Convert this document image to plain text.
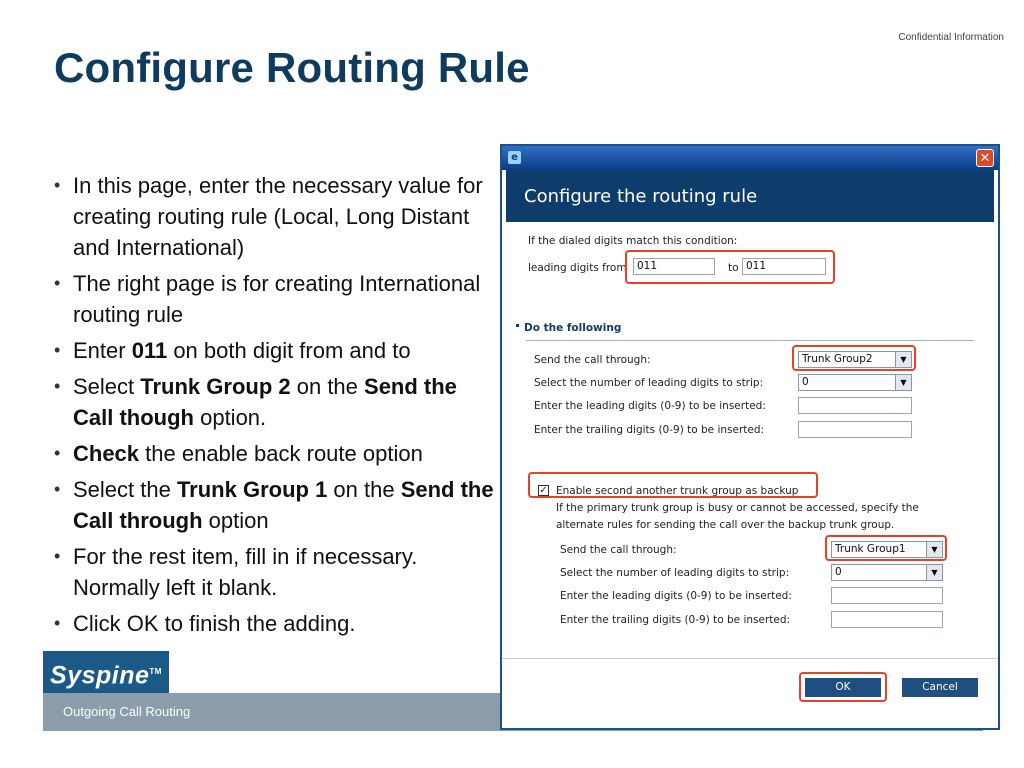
Confidential Information
Configure Routing Rule
• In this page, enter the necessary value for creating routing rule (Local, Long Distant and International)
• The right page is for creating International routing rule
• Enter 011 on both digit from and to
• Select Trunk Group 2 on the Send the Call though option.
• Check the enable back route option
• Select the Trunk Group 1 on the Send the Call through option
• For the rest item, fill in if necessary. Normally left it blank.
• Click OK to finish the adding.
Outgoing Call Routing
Syspine™
e	✕
Configure the routing rule
If the dialed digits match this condition:
leading digits from 011	to 011
Do the following
Send the call through:	Trunk Group2	▼
Select the number of leading digits to strip:	0	▼
Enter the leading digits (0-9) to be inserted:
Enter the trailing digits (0-9) to be inserted:
✓ Enable second another trunk group as backup
If the primary trunk group is busy or cannot be accessed, specify the
alternate rules for sending the call over the backup trunk group.
Send the call through:	Trunk Group1	▼
Select the number of leading digits to strip:	0	▼
Enter the leading digits (0-9) to be inserted:
Enter the trailing digits (0-9) to be inserted:
OK	Cancel
